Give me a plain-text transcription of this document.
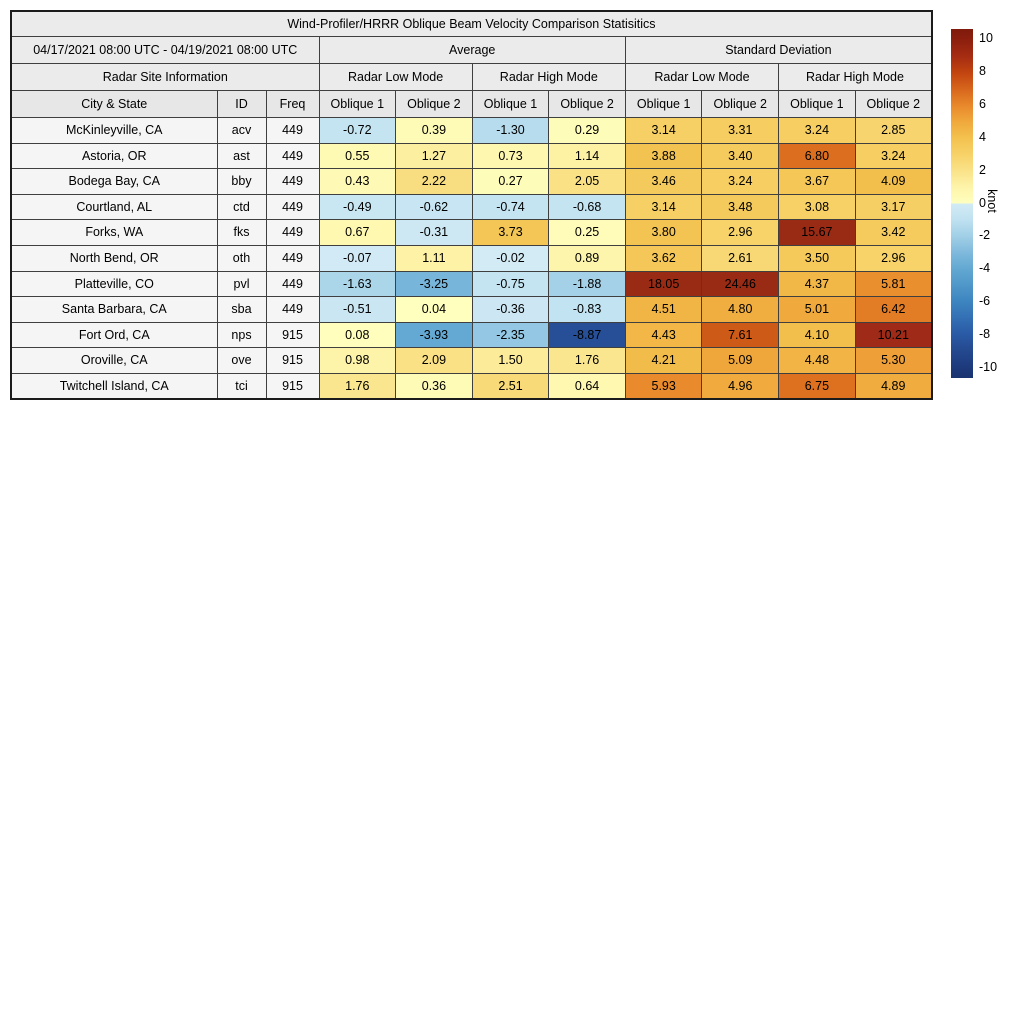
Wind-Profiler/HRRR Oblique Beam Velocity Comparison Statisitics										
04/17/2021 08:00 UTC - 04/19/2021 08:00 UTC			Average				Standard Deviation			
Radar Site Information			Radar Low Mode		Radar High Mode		Radar Low Mode		Radar High Mode	
City & State	ID	Freq	Oblique 1	Oblique 2	Oblique 1	Oblique 2	Oblique 1	Oblique 2	Oblique 1	Oblique 2
McKinleyville, CA	acv	449	-0.72	0.39	-1.30	0.29	3.14	3.31	3.24	2.85
Astoria, OR	ast	449	0.55	1.27	0.73	1.14	3.88	3.40	6.80	3.24
Bodega Bay, CA	bby	449	0.43	2.22	0.27	2.05	3.46	3.24	3.67	4.09
Courtland, AL	ctd	449	-0.49	-0.62	-0.74	-0.68	3.14	3.48	3.08	3.17
Forks, WA	fks	449	0.67	-0.31	3.73	0.25	3.80	2.96	15.67	3.42
North Bend, OR	oth	449	-0.07	1.11	-0.02	0.89	3.62	2.61	3.50	2.96
Platteville, CO	pvl	449	-1.63	-3.25	-0.75	-1.88	18.05	24.46	4.37	5.81
Santa Barbara, CA	sba	449	-0.51	0.04	-0.36	-0.83	4.51	4.80	5.01	6.42
Fort Ord, CA	nps	915	0.08	-3.93	-2.35	-8.87	4.43	7.61	4.10	10.21
Oroville, CA	ove	915	0.98	2.09	1.50	1.76	4.21	5.09	4.48	5.30
Twitchell Island, CA	tci	915	1.76	0.36	2.51	0.64	5.93	4.96	6.75	4.89
10
8
6
4
2
0
-2
-4
-6
-8
-10
knot
